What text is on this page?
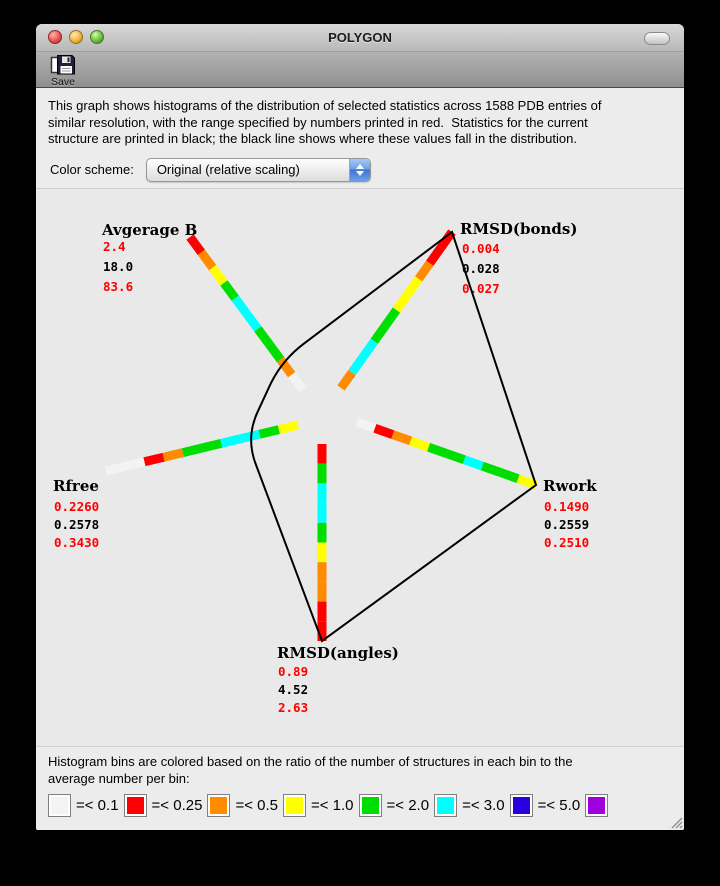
POLYGON
Save
This graph shows histograms of the distribution of selected statistics across 1588 PDB entries of
similar resolution, with the range specified by numbers printed in red.  Statistics for the current
structure are printed in black; the black line shows where these values fall in the distribution.
Color scheme:	Original (relative scaling)
Avgerage B
2.4
18.0
83.6
RMSD(bonds)
0.004
0.028
0.027
Rwork
0.1490
0.2559
0.2510
RMSD(angles)
0.89
4.52
2.63
Rfree
0.2260
0.2578
0.3430
Histogram bins are colored based on the ratio of the number of structures in each bin to the
average number per bin:
=< 0.1 =< 0.25 =< 0.5 =< 1.0 =< 2.0 =< 3.0 =< 5.0
